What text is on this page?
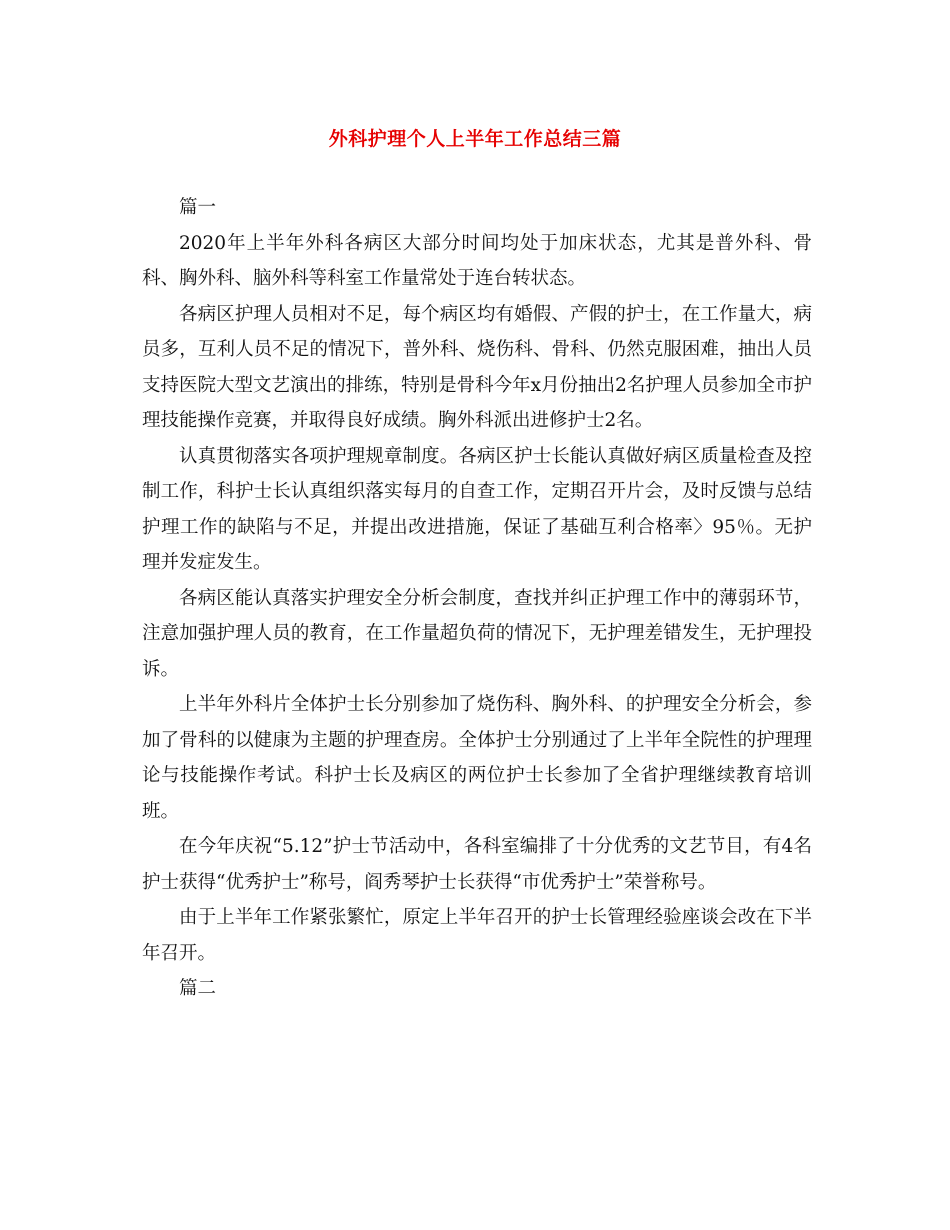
外科护理个人上半年工作总结三篇

篇一

2020年上半年外科各病区大部分时间均处于加床状态，尤其是普外科、骨科、胸外科、脑外科等科室工作量常处于连台转状态。

各病区护理人员相对不足，每个病区均有婚假、产假的护士，在工作量大，病员多，互利人员不足的情况下，普外科、烧伤科、骨科、仍然克服困难，抽出人员支持医院大型文艺演出的排练，特别是骨科今年x月份抽出2名护理人员参加全市护理技能操作竞赛，并取得良好成绩。胸外科派出进修护士2名。

认真贯彻落实各项护理规章制度。各病区护士长能认真做好病区质量检查及控制工作，科护士长认真组织落实每月的自查工作，定期召开片会，及时反馈与总结护理工作的缺陷与不足，并提出改进措施，保证了基础互利合格率〉95％。无护理并发症发生。

各病区能认真落实护理安全分析会制度，查找并纠正护理工作中的薄弱环节，注意加强护理人员的教育，在工作量超负荷的情况下，无护理差错发生，无护理投诉。

上半年外科片全体护士长分别参加了烧伤科、胸外科、的护理安全分析会，参加了骨科的以健康为主题的护理查房。全体护士分别通过了上半年全院性的护理理论与技能操作考试。科护士长及病区的两位护士长参加了全省护理继续教育培训班。

在今年庆祝“5.12”护士节活动中，各科室编排了十分优秀的文艺节目，有4名护士获得“优秀护士”称号，阎秀琴护士长获得“市优秀护士”荣誉称号。

由于上半年工作紧张繁忙，原定上半年召开的护士长管理经验座谈会改在下半年召开。

篇二
